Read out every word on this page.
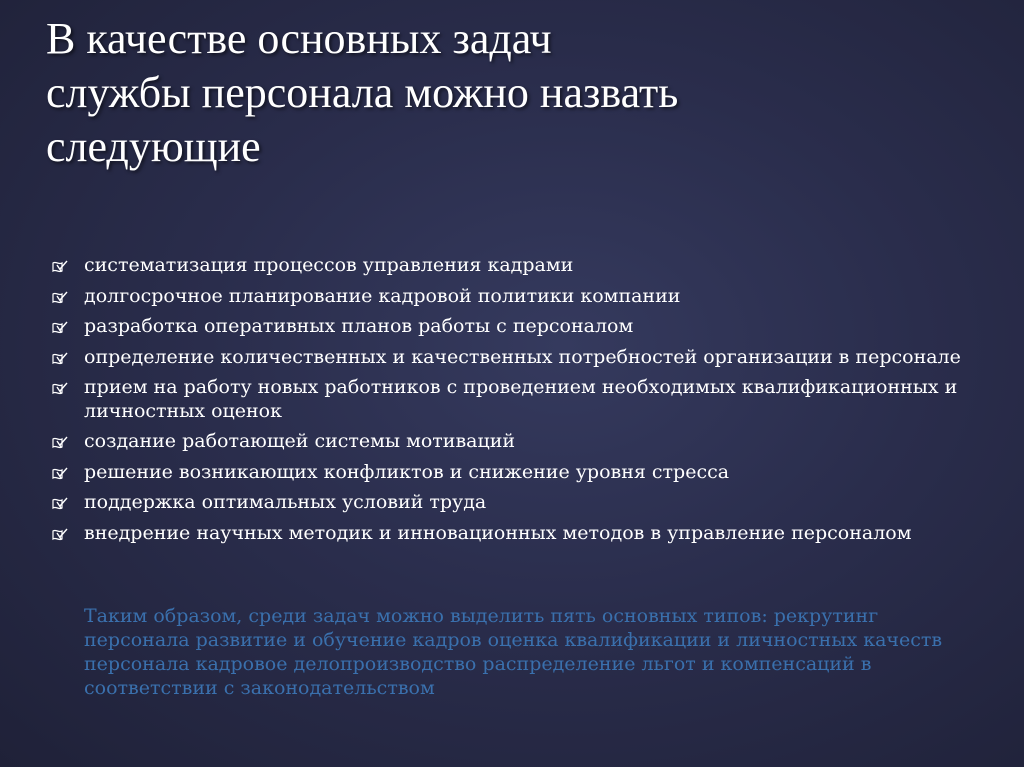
В качестве основных задач
службы персонала можно назвать
следующие
систематизация процессов управления кадрами
долгосрочное планирование кадровой политики компании
разработка оперативных планов работы с персоналом
определение количественных и качественных потребностей организации в персонале
прием на работу новых работников с проведением необходимых квалификационных и личностных оценок
создание работающей системы мотиваций
решение возникающих конфликтов и снижение уровня стресса
поддержка оптимальных условий труда
внедрение научных методик и инновационных методов в управление персоналом

Таким образом, среди задач можно выделить пять основных типов: рекрутинг персонала развитие и обучение кадров оценка квалификации и личностных качеств персонала кадровое делопроизводство распределение льгот и компенсаций в соответствии с законодательством
